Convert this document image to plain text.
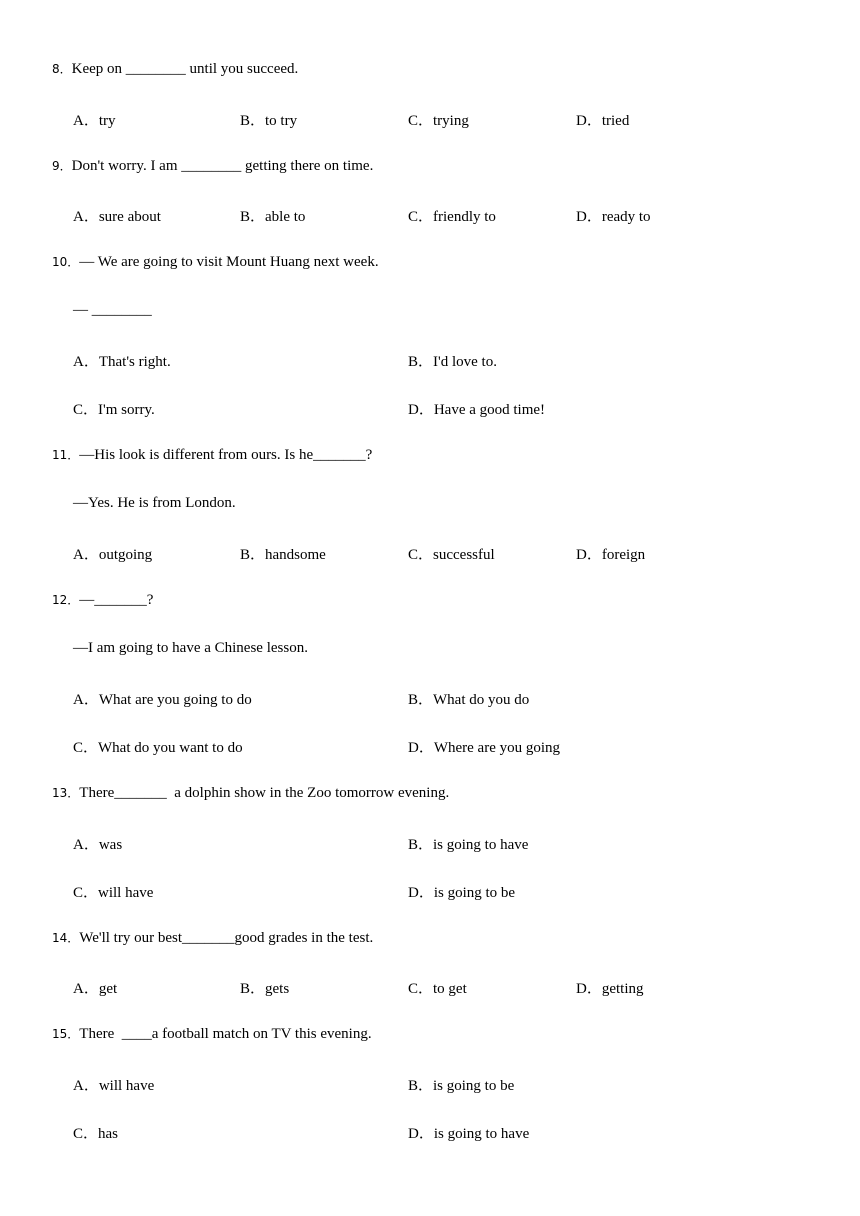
8．Keep on ________ until you succeed.
A．try	B．to try	C．trying	D．tried
9．Don't worry. I am ________ getting there on time.
A．sure about	B．able to	C．friendly to	D．ready to
10．— We are going to visit Mount Huang next week.
— ________
A．That's right.	B．I'd love to.
C．I'm sorry.	D．Have a good time!
11．—His look is different from ours. Is he_______?
—Yes. He is from London.
A．outgoing	B．handsome	C．successful	D．foreign
12．—_______?
—I am going to have a Chinese lesson.
A．What are you going to do	B．What do you do
C．What do you want to do	D．Where are you going
13．There_______  a dolphin show in the Zoo tomorrow evening.
A．was	B．is going to have
C．will have	D．is going to be
14．We'll try our best_______good grades in the test.
A．get	B．gets	C．to get	D．getting
15．There  ____a football match on TV this evening.
A．will have	B．is going to be
C．has	D．is going to have
